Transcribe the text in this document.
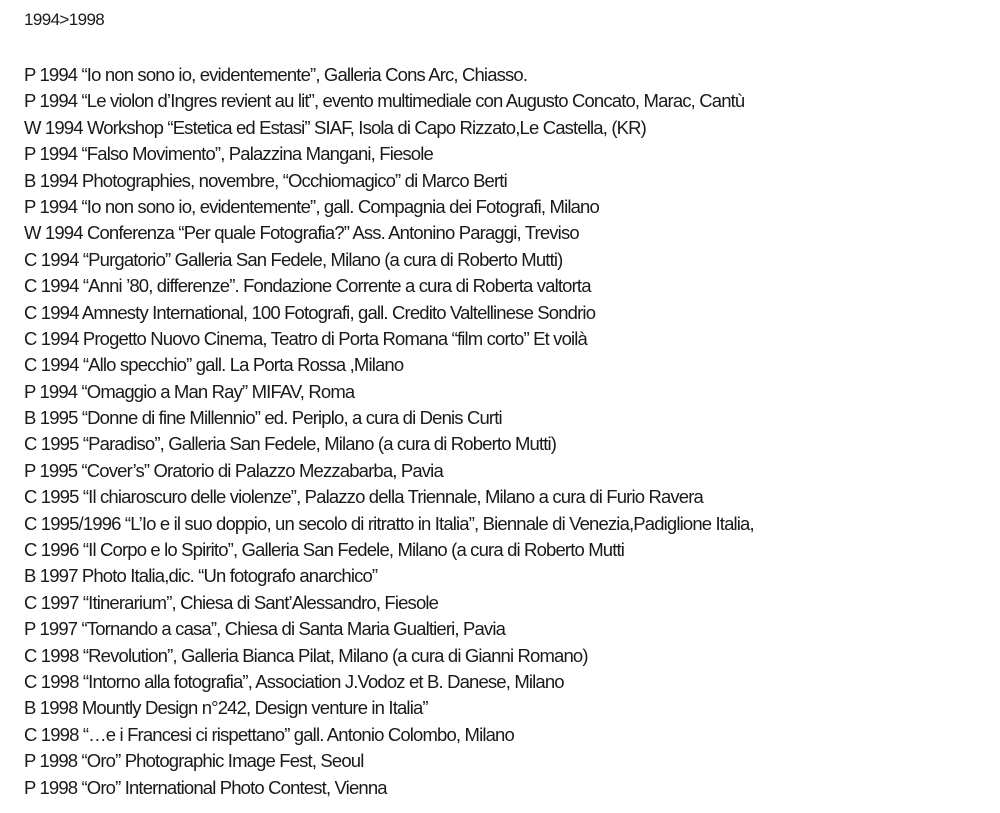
1994>1998
P 1994 “Io non sono io, evidentemente”, Galleria Cons Arc, Chiasso.
P 1994 “Le violon d’Ingres revient au lit”, evento multimediale con Augusto Concato, Marac, Cantù
W 1994 Workshop “Estetica ed Estasi” SIAF, Isola di Capo Rizzato,Le Castella, (KR)
P 1994 “Falso Movimento”, Palazzina Mangani, Fiesole
B 1994 Photographies, novembre, “Occhiomagico” di Marco Berti
P 1994 “Io non sono io, evidentemente”, gall. Compagnia dei Fotografi, Milano
W 1994 Conferenza “Per quale Fotografia?” Ass. Antonino Paraggi, Treviso
C 1994 “Purgatorio” Galleria San Fedele, Milano (a cura di Roberto Mutti)
C 1994 “Anni ’80, differenze”. Fondazione Corrente a cura di Roberta valtorta
C 1994 Amnesty International, 100 Fotografi, gall. Credito Valtellinese Sondrio
C 1994 Progetto Nuovo Cinema, Teatro di Porta Romana “film corto” Et voilà
C 1994 “Allo specchio” gall. La Porta Rossa ,Milano
P 1994 “Omaggio a Man Ray” MIFAV, Roma
B 1995 “Donne di fine Millennio” ed. Periplo, a cura di Denis Curti
C 1995 “Paradiso”, Galleria San Fedele, Milano (a cura di Roberto Mutti)
P 1995 “Cover’s” Oratorio di Palazzo Mezzabarba, Pavia
C 1995 “Il chiaroscuro delle violenze”, Palazzo della Triennale, Milano a cura di Furio Ravera
C 1995/1996 “L’Io e il suo doppio, un secolo di ritratto in Italia”, Biennale di Venezia,Padiglione Italia,
C 1996 “Il Corpo e lo Spirito”, Galleria San Fedele, Milano (a cura di Roberto Mutti
B 1997 Photo Italia,dic. “Un fotografo anarchico”
C 1997 “Itinerarium”, Chiesa di Sant’Alessandro, Fiesole
P 1997 “Tornando a casa”, Chiesa di Santa Maria Gualtieri, Pavia
C 1998 “Revolution”, Galleria Bianca Pilat, Milano (a cura di Gianni Romano)
C 1998 “Intorno alla fotografia”, Association J.Vodoz et B. Danese, Milano
B 1998 Mountly Design n°242, Design venture in Italia”
C 1998 “…e i Francesi ci rispettano” gall. Antonio Colombo, Milano
P 1998 “Oro” Photographic Image Fest, Seoul
P 1998 “Oro” International Photo Contest, Vienna
